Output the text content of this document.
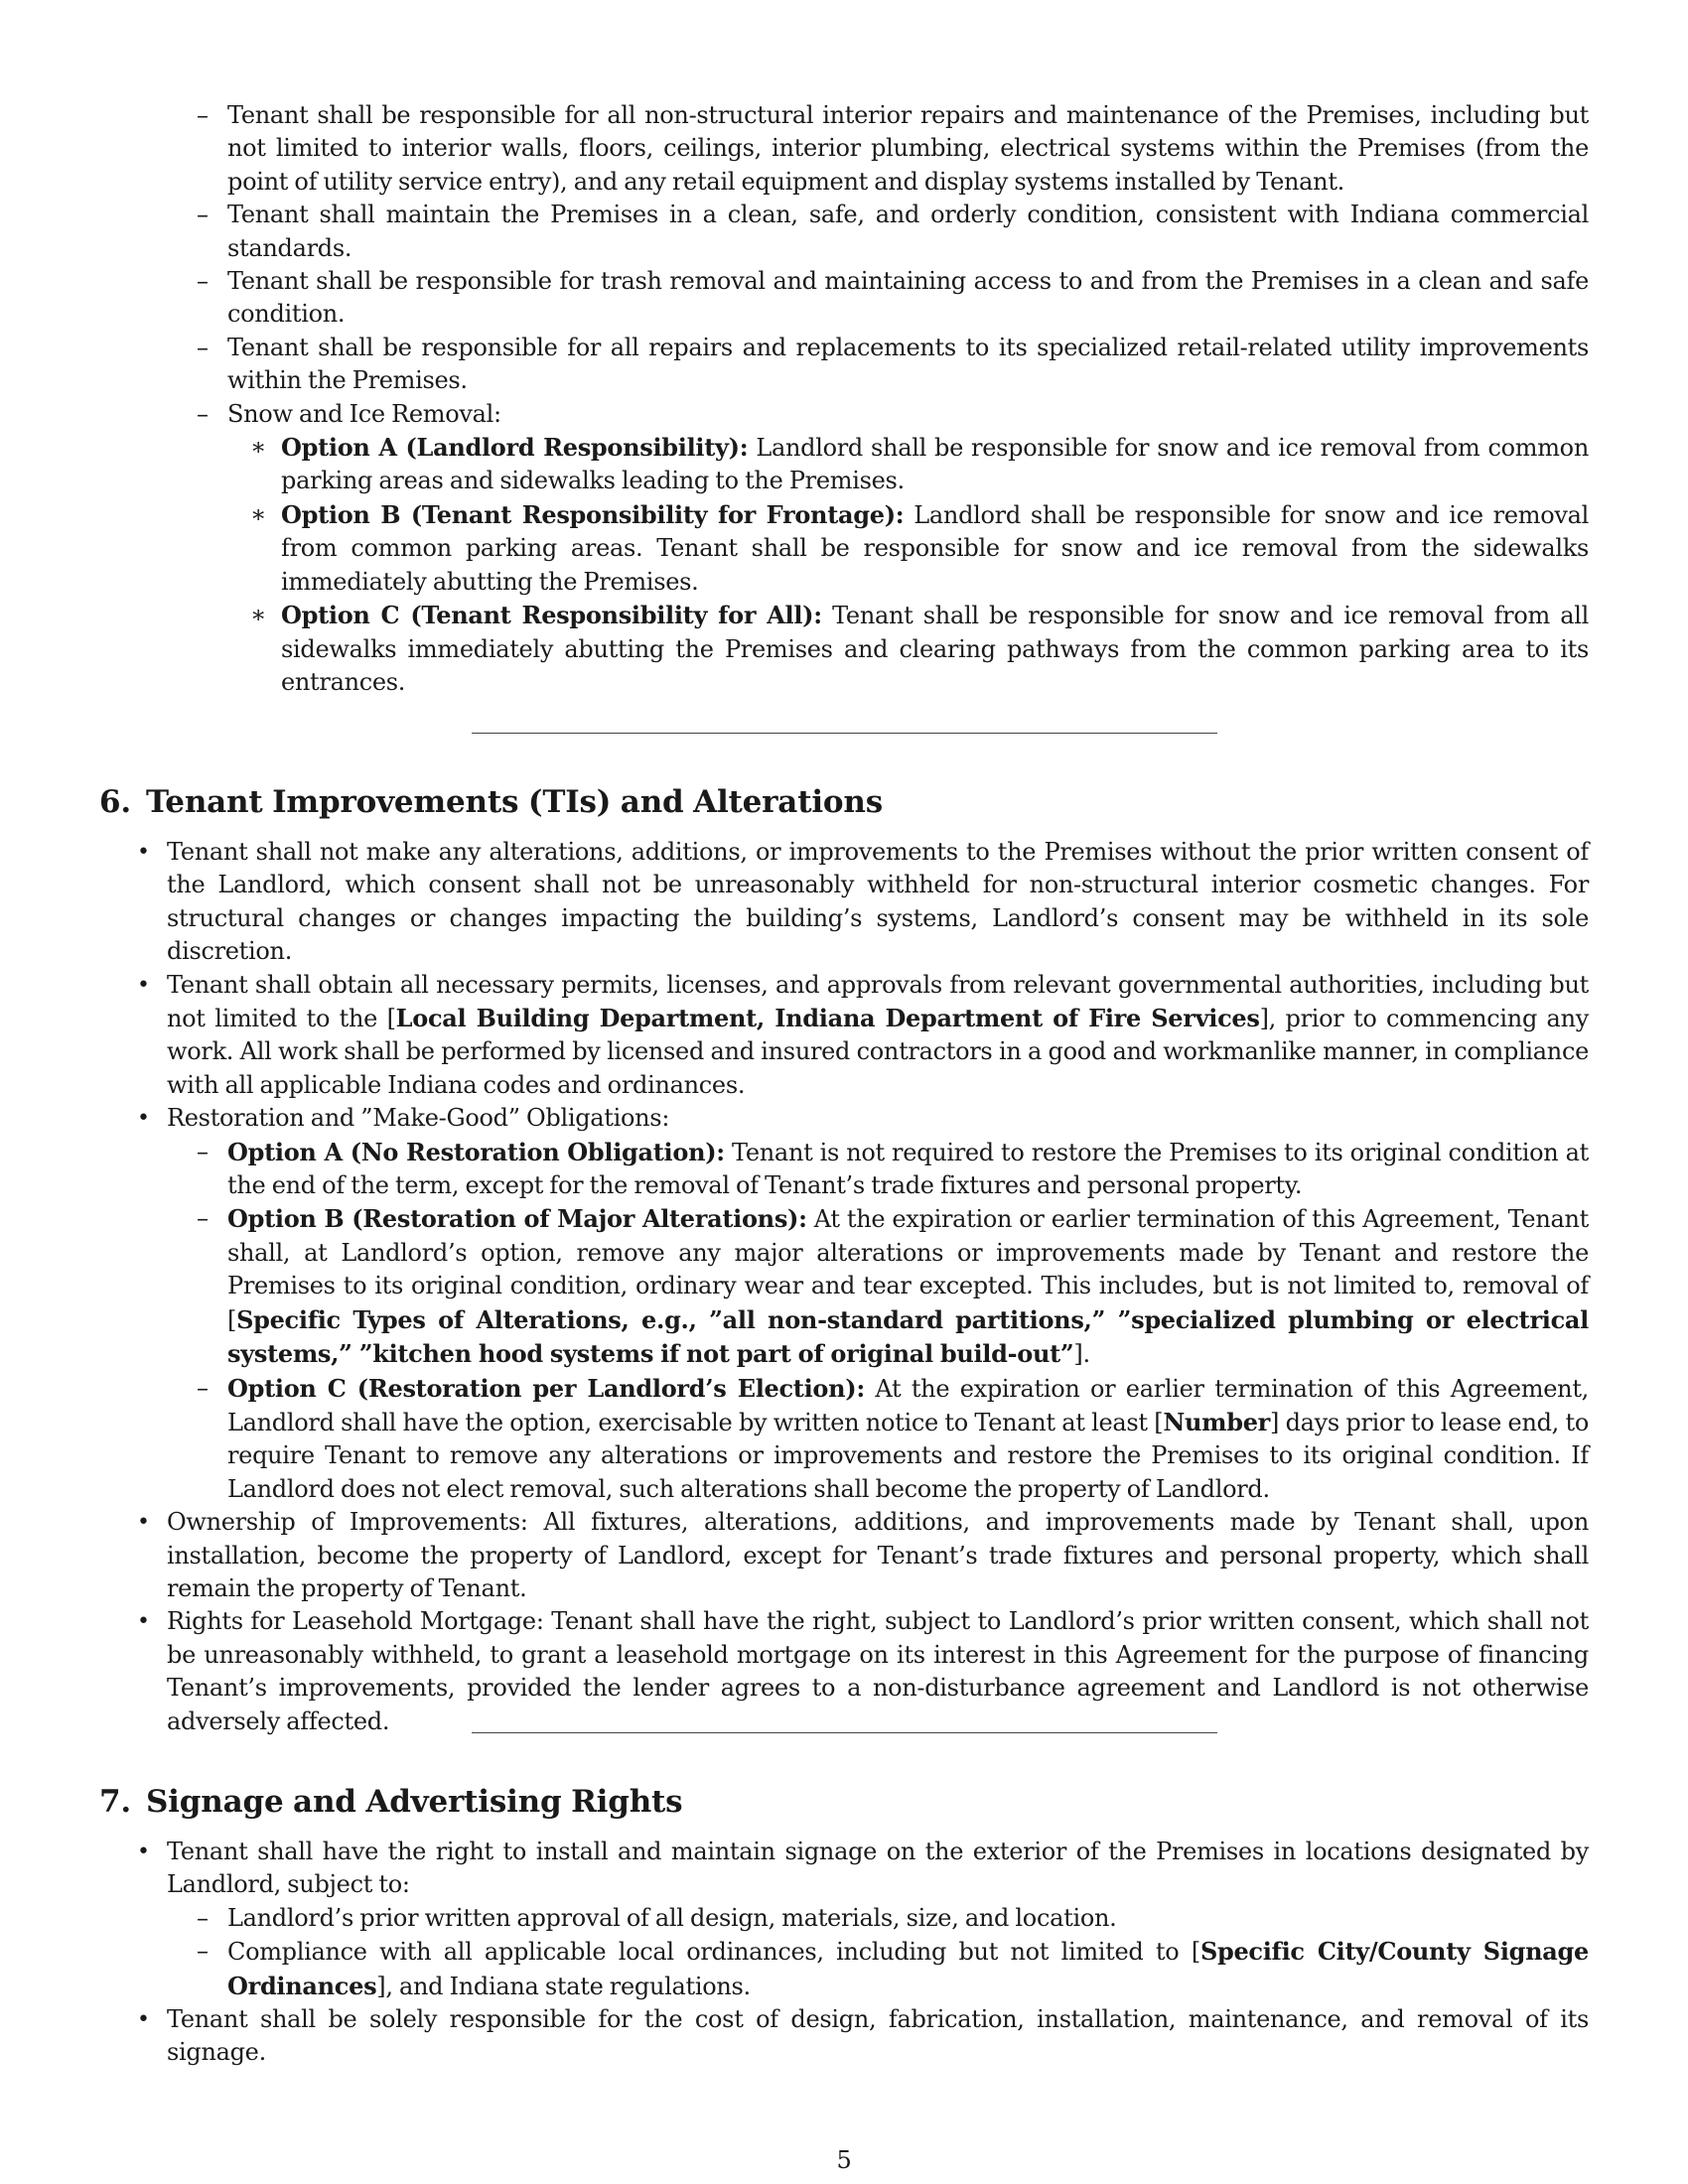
– Tenant shall be responsible for all non-structural interior repairs and maintenance of the Premises, including but not limited to interior walls, floors, ceilings, interior plumbing, electrical systems within the Premises (from the point of utility service entry), and any retail equipment and display systems installed by Tenant.
– Tenant shall maintain the Premises in a clean, safe, and orderly condition, consistent with Indiana commercial standards.
– Tenant shall be responsible for trash removal and maintaining access to and from the Premises in a clean and safe condition.
– Tenant shall be responsible for all repairs and replacements to its specialized retail-related utility improvements within the Premises.
– Snow and Ice Removal:
∗ Option A (Landlord Responsibility): Landlord shall be responsible for snow and ice removal from common parking areas and sidewalks leading to the Premises.
∗ Option B (Tenant Responsibility for Frontage): Landlord shall be responsible for snow and ice removal from common parking areas. Tenant shall be responsible for snow and ice removal from the sidewalks immediately abutting the Premises.
∗ Option C (Tenant Responsibility for All): Tenant shall be responsible for snow and ice removal from all sidewalks immediately abutting the Premises and clearing pathways from the common parking area to its entrances.
6. Tenant Improvements (TIs) and Alterations
• Tenant shall not make any alterations, additions, or improvements to the Premises without the prior written consent of the Landlord, which consent shall not be unreasonably withheld for non-structural interior cosmetic changes. For structural changes or changes impacting the building’s systems, Landlord’s consent may be withheld in its sole discretion.
• Tenant shall obtain all necessary permits, licenses, and approvals from relevant governmental authorities, including but not limited to the [Local Building Department, Indiana Department of Fire Services], prior to commencing any work. All work shall be performed by licensed and insured contractors in a good and workmanlike manner, in compliance with all applicable Indiana codes and ordinances.
• Restoration and ”Make-Good” Obligations:
– Option A (No Restoration Obligation): Tenant is not required to restore the Premises to its original condition at the end of the term, except for the removal of Tenant’s trade fixtures and personal property.
– Option B (Restoration of Major Alterations): At the expiration or earlier termination of this Agreement, Tenant shall, at Landlord’s option, remove any major alterations or improvements made by Tenant and restore the Premises to its original condition, ordinary wear and tear excepted. This includes, but is not limited to, removal of [Specific Types of Alterations, e.g., ”all non-standard partitions,” ”specialized plumbing or electrical systems,” ”kitchen hood systems if not part of original build-out”].
– Option C (Restoration per Landlord’s Election): At the expiration or earlier termination of this Agreement, Landlord shall have the option, exercisable by written notice to Tenant at least [Number] days prior to lease end, to require Tenant to remove any alterations or improvements and restore the Premises to its original condition. If Landlord does not elect removal, such alterations shall become the property of Landlord.
• Ownership of Improvements: All fixtures, alterations, additions, and improvements made by Tenant shall, upon installation, become the property of Landlord, except for Tenant’s trade fixtures and personal property, which shall remain the property of Tenant.
• Rights for Leasehold Mortgage: Tenant shall have the right, subject to Landlord’s prior written consent, which shall not be unreasonably withheld, to grant a leasehold mortgage on its interest in this Agreement for the purpose of financing Tenant’s improvements, provided the lender agrees to a non-disturbance agreement and Landlord is not otherwise adversely affected.
7. Signage and Advertising Rights
• Tenant shall have the right to install and maintain signage on the exterior of the Premises in locations designated by Landlord, subject to:
– Landlord’s prior written approval of all design, materials, size, and location.
– Compliance with all applicable local ordinances, including but not limited to [Specific City/County Signage Ordinances], and Indiana state regulations.
• Tenant shall be solely responsible for the cost of design, fabrication, installation, maintenance, and removal of its signage.
5
